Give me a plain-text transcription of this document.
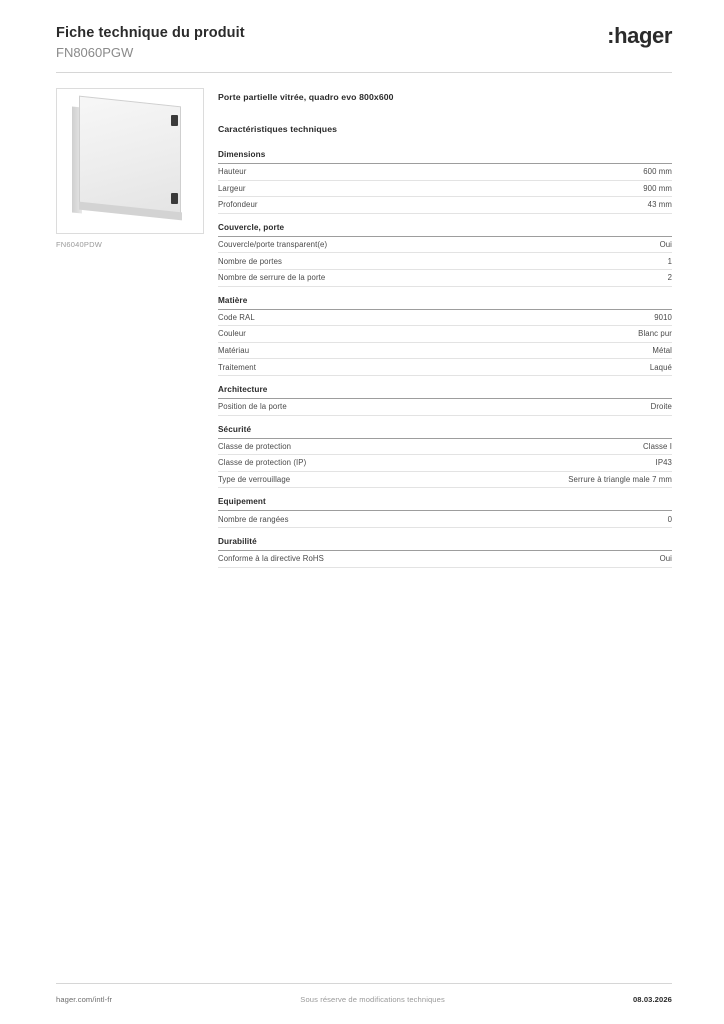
Fiche technique du produit
FN8060PGW
:hager
FN6040PDW
Porte partielle vitrée, quadro evo 800x600
Caractéristiques techniques
Dimensions
Hauteur	600 mm
Largeur	900 mm
Profondeur	43 mm
Couvercle, porte
Couvercle/porte transparent(e)	Oui
Nombre de portes	1
Nombre de serrure de la porte	2
Matière
Code RAL	9010
Couleur	Blanc pur
Matériau	Métal
Traitement	Laqué
Architecture
Position de la porte	Droite
Sécurité
Classe de protection	Classe I
Classe de protection (IP)	IP43
Type de verrouillage	Serrure à triangle male 7 mm
Equipement
Nombre de rangées	0
Durabilité
Conforme à la directive RoHS	Oui
hager.com/intl-fr	Sous réserve de modifications techniques	08.03.2026
